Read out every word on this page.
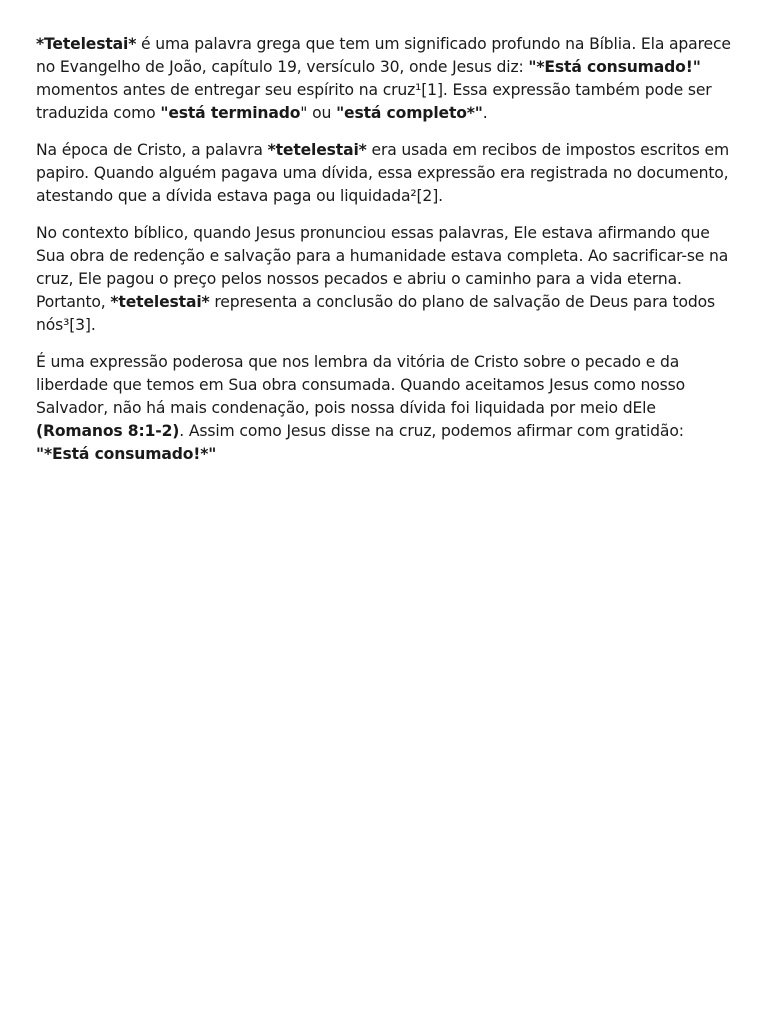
*Tetelestai* é uma palavra grega que tem um significado profundo na Bíblia. Ela aparece no Evangelho de João, capítulo 19, versículo 30, onde Jesus diz: "*Está consumado!" momentos antes de entregar seu espírito na cruz¹[1]. Essa expressão também pode ser traduzida como "está terminado" ou "está completo*".

Na época de Cristo, a palavra *tetelestai* era usada em recibos de impostos escritos em papiro. Quando alguém pagava uma dívida, essa expressão era registrada no documento, atestando que a dívida estava paga ou liquidada²[2].

No contexto bíblico, quando Jesus pronunciou essas palavras, Ele estava afirmando que Sua obra de redenção e salvação para a humanidade estava completa. Ao sacrificar-se na cruz, Ele pagou o preço pelos nossos pecados e abriu o caminho para a vida eterna. Portanto, *tetelestai* representa a conclusão do plano de salvação de Deus para todos nós³[3].

É uma expressão poderosa que nos lembra da vitória de Cristo sobre o pecado e da liberdade que temos em Sua obra consumada. Quando aceitamos Jesus como nosso Salvador, não há mais condenação, pois nossa dívida foi liquidada por meio dEle (Romanos 8:1-2). Assim como Jesus disse na cruz, podemos afirmar com gratidão: "*Está consumado!*"
